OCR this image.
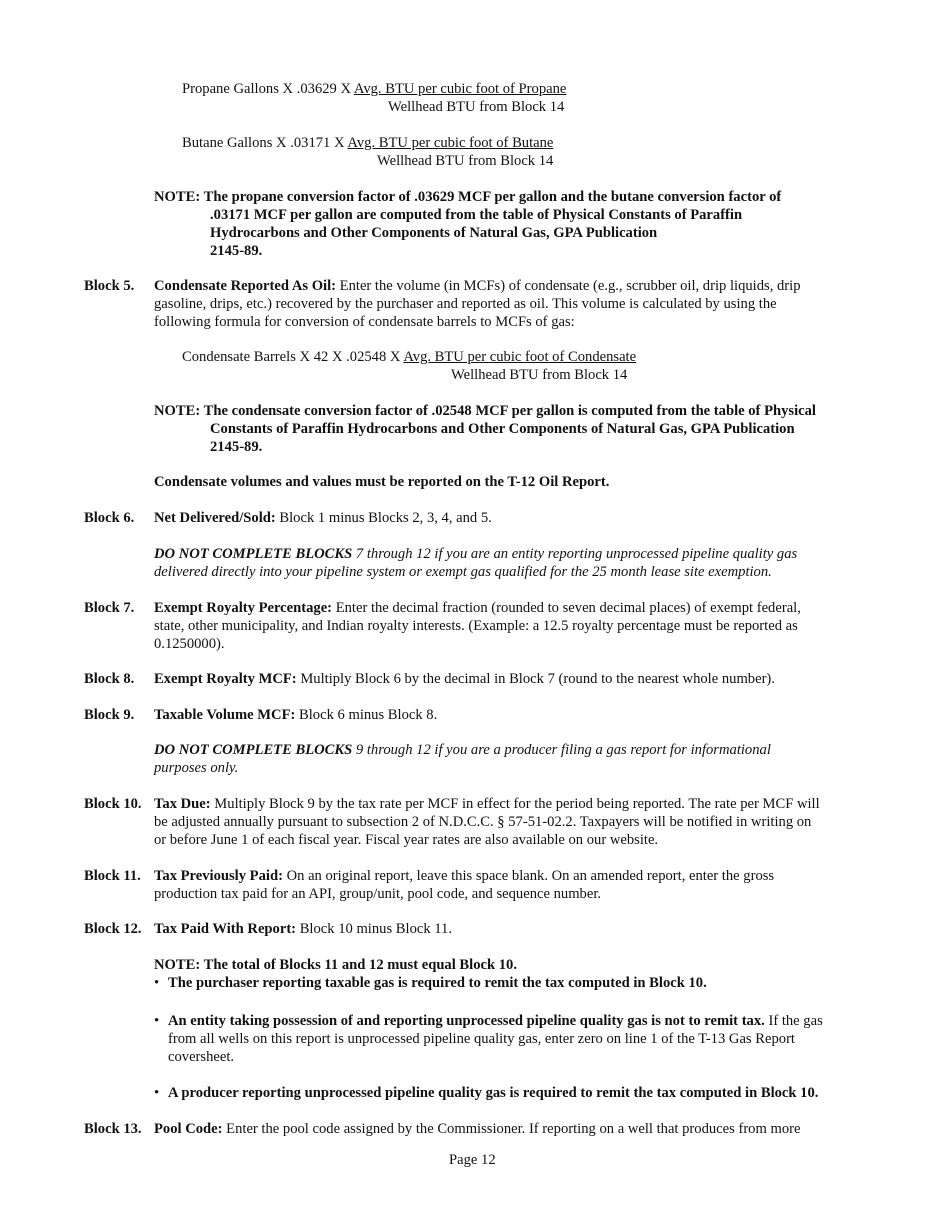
Propane Gallons X .03629 X Avg. BTU per cubic foot of Propane
Wellhead BTU from Block 14
Butane Gallons X .03171 X Avg. BTU per cubic foot of Butane
Wellhead BTU from Block 14
NOTE: The propane conversion factor of .03629 MCF per gallon and the butane conversion factor of
.03171 MCF per gallon are computed from the table of Physical Constants of Paraffin
Hydrocarbons and Other Components of Natural Gas, GPA Publication
2145-89.
Block 5. Condensate Reported As Oil: Enter the volume (in MCFs) of condensate (e.g., scrubber oil, drip liquids, drip
gasoline, drips, etc.) recovered by the purchaser and reported as oil. This volume is calculated by using the
following formula for conversion of condensate barrels to MCFs of gas:
Condensate Barrels X 42 X .02548 X Avg. BTU per cubic foot of Condensate
Wellhead BTU from Block 14
NOTE: The condensate conversion factor of .02548 MCF per gallon is computed from the table of Physical
Constants of Paraffin Hydrocarbons and Other Components of Natural Gas, GPA Publication
2145-89.
Condensate volumes and values must be reported on the T-12 Oil Report.
Block 6. Net Delivered/Sold: Block 1 minus Blocks 2, 3, 4, and 5.
DO NOT COMPLETE BLOCKS 7 through 12 if you are an entity reporting unprocessed pipeline quality gas
delivered directly into your pipeline system or exempt gas qualified for the 25 month lease site exemption.
Block 7. Exempt Royalty Percentage: Enter the decimal fraction (rounded to seven decimal places) of exempt federal,
state, other municipality, and Indian royalty interests. (Example: a 12.5 royalty percentage must be reported as
0.1250000).
Block 8. Exempt Royalty MCF: Multiply Block 6 by the decimal in Block 7 (round to the nearest whole number).
Block 9. Taxable Volume MCF: Block 6 minus Block 8.
DO NOT COMPLETE BLOCKS 9 through 12 if you are a producer filing a gas report for informational
purposes only.
Block 10. Tax Due: Multiply Block 9 by the tax rate per MCF in effect for the period being reported. The rate per MCF will
be adjusted annually pursuant to subsection 2 of N.D.C.C. § 57-51-02.2. Taxpayers will be notified in writing on
or before June 1 of each fiscal year. Fiscal year rates are also available on our website.
Block 11. Tax Previously Paid: On an original report, leave this space blank. On an amended report, enter the gross
production tax paid for an API, group/unit, pool code, and sequence number.
Block 12. Tax Paid With Report: Block 10 minus Block 11.
NOTE: The total of Blocks 11 and 12 must equal Block 10.
• The purchaser reporting taxable gas is required to remit the tax computed in Block 10.
• An entity taking possession of and reporting unprocessed pipeline quality gas is not to remit tax. If the gas
from all wells on this report is unprocessed pipeline quality gas, enter zero on line 1 of the T-13 Gas Report
coversheet.
• A producer reporting unprocessed pipeline quality gas is required to remit the tax computed in Block 10.
Block 13. Pool Code: Enter the pool code assigned by the Commissioner. If reporting on a well that produces from more
Page 12
